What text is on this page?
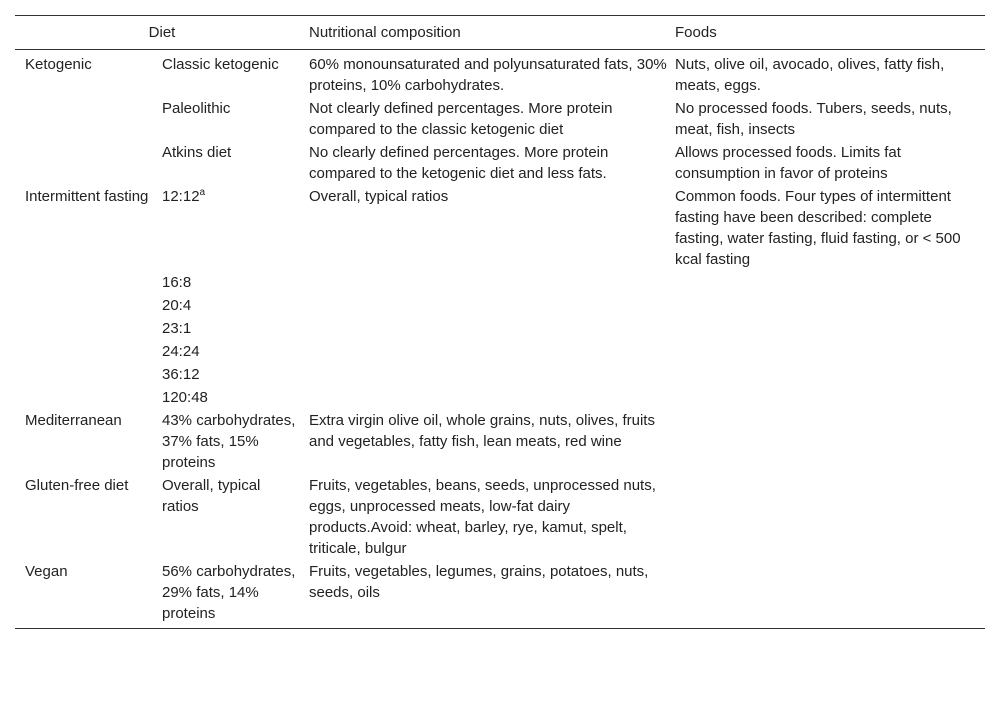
Diet		Nutritional composition	Foods
Ketogenic	Classic ketogenic	60% monounsaturated and polyunsaturated fats, 30% proteins, 10% carbohydrates.	Nuts, olive oil, avocado, olives, fatty fish, meats, eggs.
	Paleolithic	Not clearly defined percentages. More protein compared to the classic ketogenic diet	No processed foods. Tubers, seeds, nuts, meat, fish, insects
	Atkins diet	No clearly defined percentages. More protein compared to the ketogenic diet and less fats.	Allows processed foods. Limits fat consumption in favor of proteins
Intermittent fasting	12:12$^a$	Overall, typical ratios	Common foods. Four types of intermittent fasting have been described: complete fasting, water fasting, fluid fasting, or < 500     kcal fasting
	16:8		
	20:4		
	23:1		
	24:24		
	36:12		
	120:48		
Mediterranean	43% carbohydrates, 37% fats, 15% proteins	Extra virgin olive oil, whole grains, nuts, olives, fruits and vegetables, fatty fish, lean meats, red wine	
Gluten-free diet	Overall, typical ratios	Fruits, vegetables, beans, seeds, unprocessed nuts, eggs, unprocessed meats, low-fat dairy products.Avoid: wheat, barley, rye, kamut, spelt, triticale, bulgur	
Vegan	56% carbohydrates, 29% fats, 14% proteins	Fruits, vegetables, legumes, grains, potatoes, nuts, seeds, oils	
